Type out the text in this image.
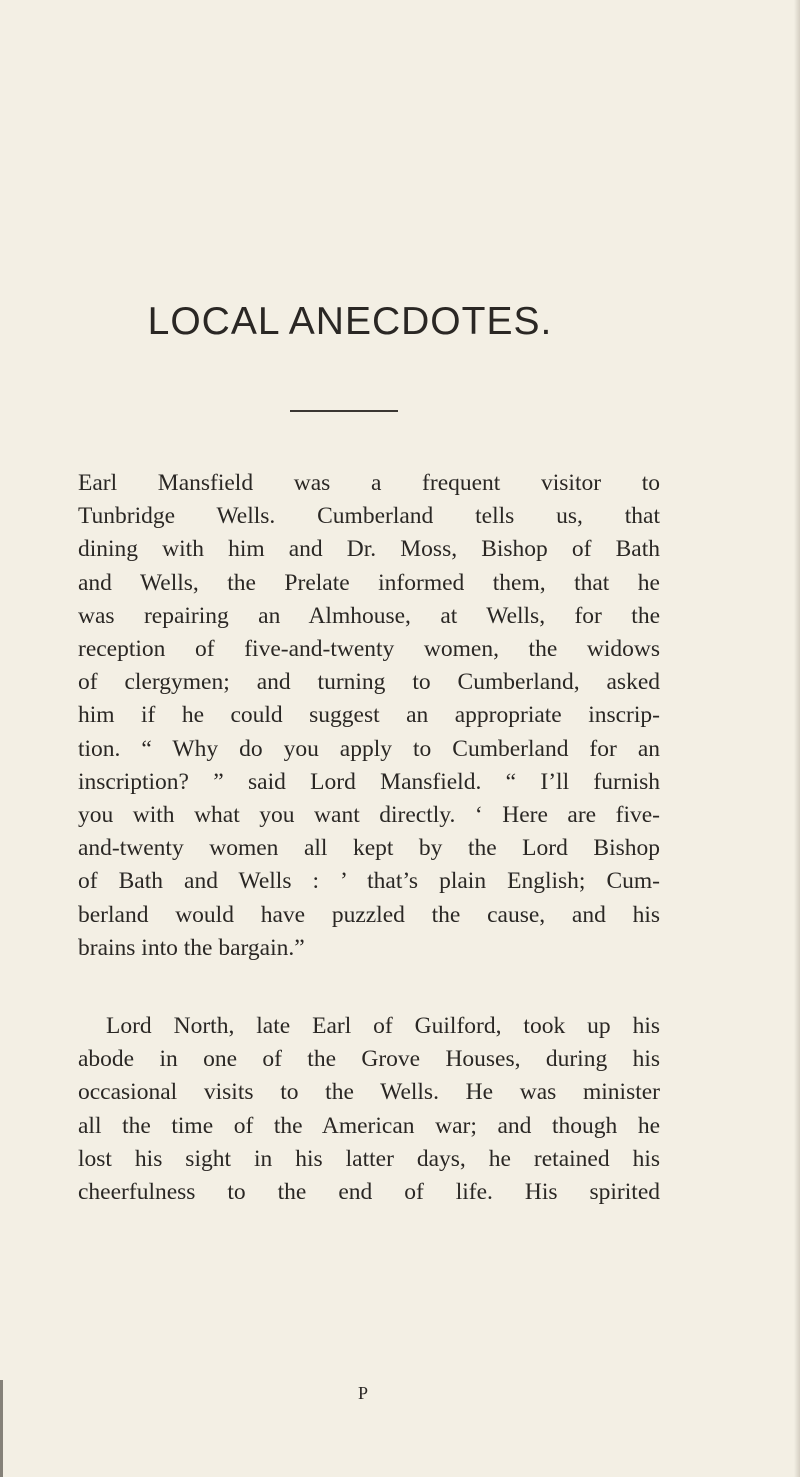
LOCAL ANECDOTES.

Earl Mansfield was a frequent visitor to
Tunbridge Wells. Cumberland tells us, that
dining with him and Dr. Moss, Bishop of Bath
and Wells, the Prelate informed them, that he
was repairing an Almhouse, at Wells, for the
reception of five-and-twenty women, the widows
of clergymen; and turning to Cumberland, asked
him if he could suggest an appropriate inscrip-
tion. “ Why do you apply to Cumberland for an
inscription? ” said Lord Mansfield. “ I’ll furnish
you with what you want directly. ‘ Here are five-
and-twenty women all kept by the Lord Bishop
of Bath and Wells : ’ that’s plain English; Cum-
berland would have puzzled the cause, and his
brains into the bargain.”

Lord North, late Earl of Guilford, took up his
abode in one of the Grove Houses, during his
occasional visits to the Wells. He was minister
all the time of the American war; and though he
lost his sight in his latter days, he retained his
cheerfulness to the end of life. His spirited

P
